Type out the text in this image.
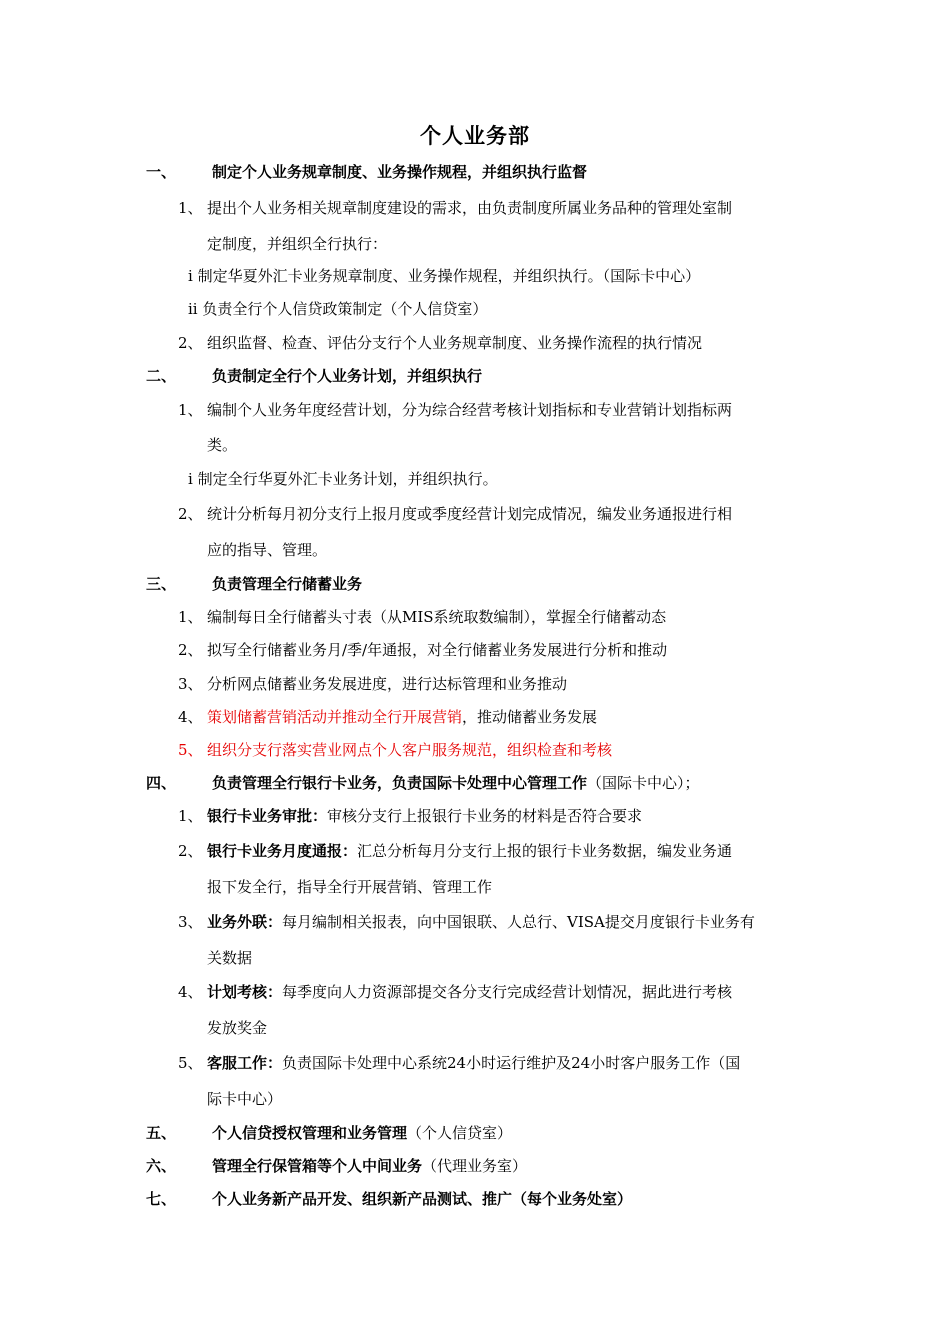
个人业务部
一、 制定个人业务规章制度、业务操作规程，并组织执行监督
1、 提出个人业务相关规章制度建设的需求，由负责制度所属业务品种的管理处室制
定制度，并组织全行执行：
i 制定华夏外汇卡业务规章制度、业务操作规程，并组织执行。（国际卡中心）
ii 负责全行个人信贷政策制定（个人信贷室）
2、 组织监督、检查、评估分支行个人业务规章制度、业务操作流程的执行情况
二、 负责制定全行个人业务计划，并组织执行
1、 编制个人业务年度经营计划，分为综合经营考核计划指标和专业营销计划指标两
类。
i 制定全行华夏外汇卡业务计划，并组织执行。
2、 统计分析每月初分支行上报月度或季度经营计划完成情况，编发业务通报进行相
应的指导、管理。
三、 负责管理全行储蓄业务
1、 编制每日全行储蓄头寸表（从MIS系统取数编制），掌握全行储蓄动态
2、 拟写全行储蓄业务月/季/年通报，对全行储蓄业务发展进行分析和推动
3、 分析网点储蓄业务发展进度，进行达标管理和业务推动
4、 策划储蓄营销活动并推动全行开展营销，推动储蓄业务发展
5、 组织分支行落实营业网点个人客户服务规范，组织检查和考核
四、 负责管理全行银行卡业务，负责国际卡处理中心管理工作（国际卡中心）；
1、 银行卡业务审批：审核分支行上报银行卡业务的材料是否符合要求
2、 银行卡业务月度通报：汇总分析每月分支行上报的银行卡业务数据，编发业务通
报下发全行，指导全行开展营销、管理工作
3、 业务外联：每月编制相关报表，向中国银联、人总行、VISA提交月度银行卡业务有
关数据
4、 计划考核：每季度向人力资源部提交各分支行完成经营计划情况，据此进行考核
发放奖金
5、 客服工作：负责国际卡处理中心系统24小时运行维护及24小时客户服务工作（国
际卡中心）
五、 个人信贷授权管理和业务管理（个人信贷室）
六、 管理全行保管箱等个人中间业务（代理业务室）
七、 个人业务新产品开发、组织新产品测试、推广（每个业务处室）
